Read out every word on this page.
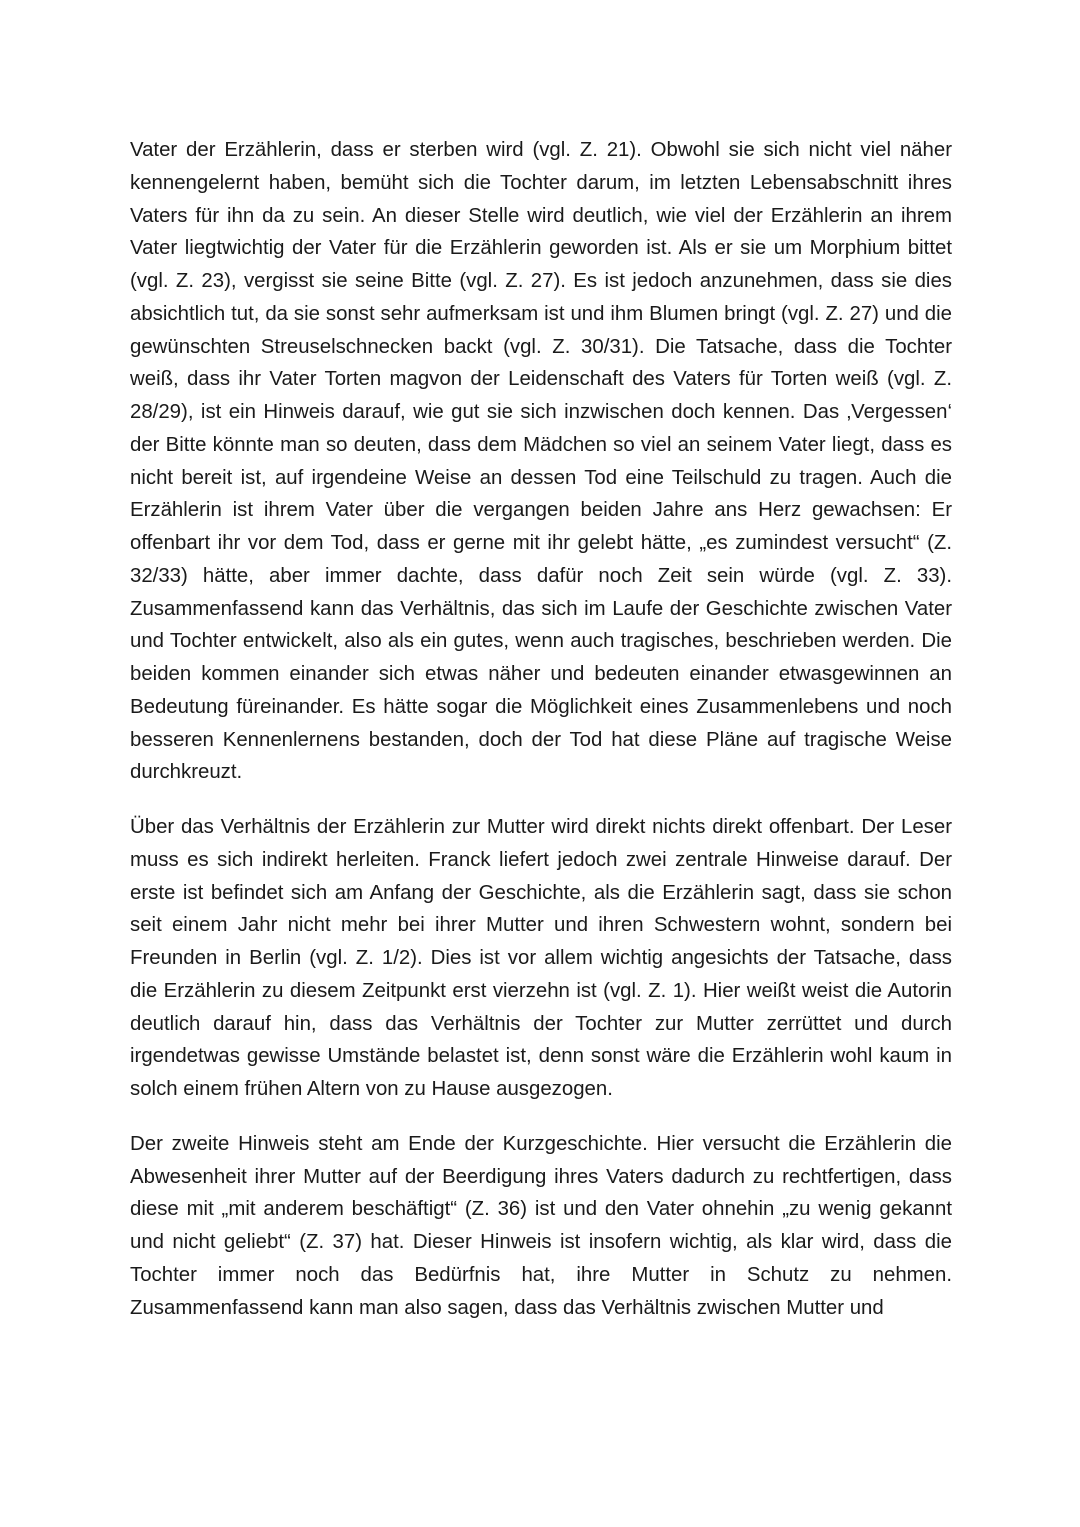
Vater der Erzählerin, dass er sterben wird (vgl. Z. 21). Obwohl sie sich nicht viel näher kennengelernt haben, bemüht sich die Tochter darum, im letzten Lebensabschnitt ihres Vaters für ihn da zu sein. An dieser Stelle wird deutlich, wie viel der Erzählerin an ihrem Vater liegtwichtig der Vater für die Erzählerin geworden ist. Als er sie um Morphium bittet (vgl. Z. 23), vergisst sie seine Bitte (vgl. Z. 27). Es ist jedoch anzunehmen, dass sie dies absichtlich tut, da sie sonst sehr aufmerksam ist und ihm Blumen bringt (vgl. Z. 27) und die gewünschten Streuselschnecken backt (vgl. Z. 30/31). Die Tatsache, dass die Tochter weiß, dass ihr Vater Torten magvon der Leidenschaft des Vaters für Torten weiß (vgl. Z. 28/29), ist ein Hinweis darauf, wie gut sie sich inzwischen doch kennen. Das ‚Vergessen‘ der Bitte könnte man so deuten, dass dem Mädchen so viel an seinem Vater liegt, dass es nicht bereit ist, auf irgendeine Weise an dessen Tod eine Teilschuld zu tragen. Auch die Erzählerin ist ihrem Vater über die vergangen beiden Jahre ans Herz gewachsen: Er offenbart ihr vor dem Tod, dass er gerne mit ihr gelebt hätte, „es zumindest versucht“ (Z. 32/33) hätte, aber immer dachte, dass dafür noch Zeit sein würde (vgl. Z. 33). Zusammenfassend kann das Verhältnis, das sich im Laufe der Geschichte zwischen Vater und Tochter entwickelt, also als ein gutes, wenn auch tragisches, beschrieben werden. Die beiden kommen einander sich etwas näher und bedeuten einander etwasgewinnen an Bedeutung füreinander. Es hätte sogar die Möglichkeit eines Zusammenlebens und noch besseren Kennenlernens bestanden, doch der Tod hat diese Pläne auf tragische Weise durchkreuzt.

Über das Verhältnis der Erzählerin zur Mutter wird direkt nichts direkt offenbart. Der Leser muss es sich indirekt herleiten. Franck liefert jedoch zwei zentrale Hinweise darauf. Der erste ist befindet sich am Anfang der Geschichte, als die Erzählerin sagt, dass sie schon seit einem Jahr nicht mehr bei ihrer Mutter und ihren Schwestern wohnt, sondern bei Freunden in Berlin (vgl. Z. 1/2). Dies ist vor allem wichtig angesichts der Tatsache, dass die Erzählerin zu diesem Zeitpunkt erst vierzehn ist (vgl. Z. 1). Hier weißt weist die Autorin deutlich darauf hin, dass das Verhältnis der Tochter zur Mutter zerrüttet und durch irgendetwas gewisse Umstände belastet ist, denn sonst wäre die Erzählerin wohl kaum in solch einem frühen Altern von zu Hause ausgezogen.

Der zweite Hinweis steht am Ende der Kurzgeschichte. Hier versucht die Erzählerin die Abwesenheit ihrer Mutter auf der Beerdigung ihres Vaters dadurch zu rechtfertigen, dass diese mit „mit anderem beschäftigt“ (Z. 36) ist und den Vater ohnehin „zu wenig gekannt und nicht geliebt“ (Z. 37) hat. Dieser Hinweis ist insofern wichtig, als klar wird, dass die Tochter immer noch das Bedürfnis hat, ihre Mutter in Schutz zu nehmen. Zusammenfassend kann man also sagen, dass das Verhältnis zwischen Mutter und
